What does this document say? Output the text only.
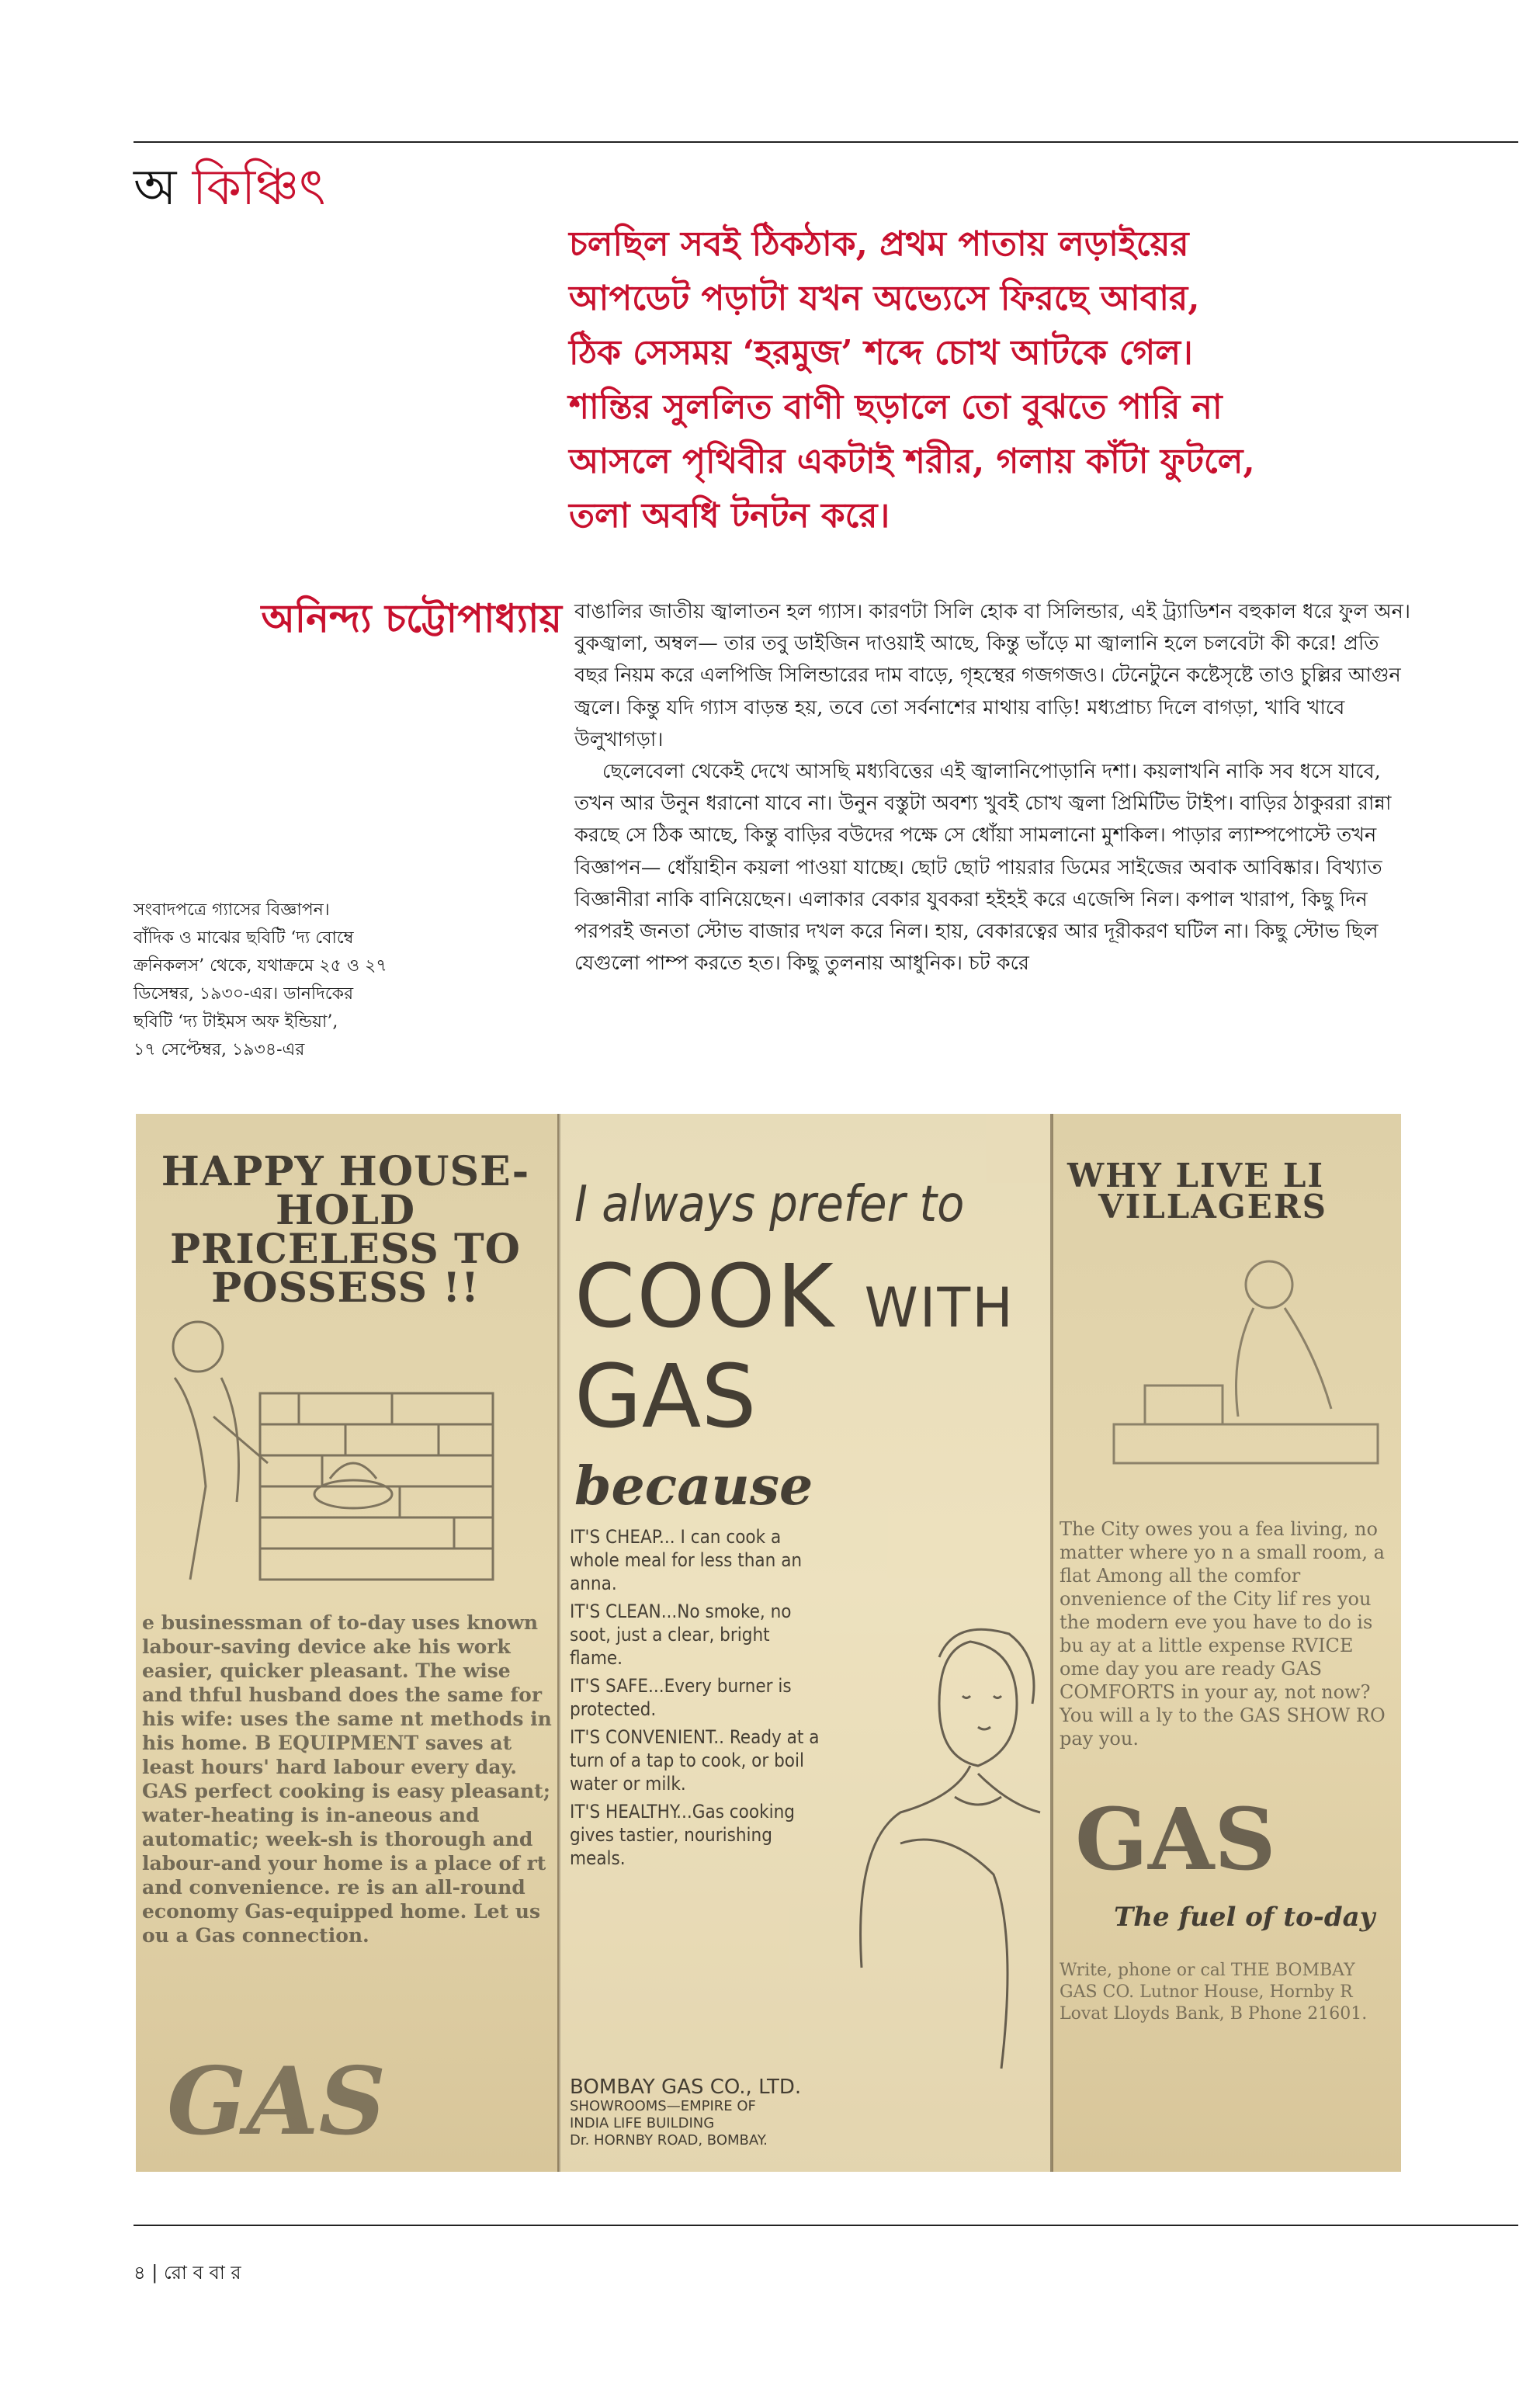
অ কিঞ্চিৎ

চলছিল সবই ঠিকঠাক, প্রথম পাতায় লড়াইয়ের

আপডেট পড়াটা যখন অভ্যেসে ফিরছে আবার,

ঠিক সেসময় ‘হরমুজ’ শব্দে চোখ আটকে গেল।

শান্তির সুললিত বাণী ছড়ালে তো বুঝতে পারি না

আসলে পৃথিবীর একটাই শরীর, গলায় কাঁটা ফুটলে,

তলা অবধি টনটন করে।

অনিন্দ্য চট্টোপাধ্যায় বাঙালির জাতীয় জ্বালাতন হল গ্যাস। কারণটা সিলি হোক বা সিলিন্ডার, এই ট্র্যাডিশন বহুকাল ধরে ফুল অন। বুকজ্বালা, অম্বল— তার তবু ডাইজিন দাওয়াই আছে, কিন্তু ভাঁড়ে মা জ্বালানি হলে চলবেটা কী করে! প্রতি বছর নিয়ম করে এলপিজি সিলিন্ডারের দাম বাড়ে, গৃহস্থের গজগজও। টেনেটুনে কষ্টেসৃষ্টে তাও চুল্লির আগুন জ্বলে। কিন্তু যদি গ্যাস বাড়ন্ত হয়, তবে তো সর্বনাশের মাথায় বাড়ি! মধ্যপ্রাচ্য দিলে বাগড়া, খাবি খাবে উলুখাগড়া।

ছেলেবেলা থেকেই দেখে আসছি মধ্যবিত্তের এই জ্বালানিপোড়ানি দশা। কয়লাখনি নাকি সব ধসে যাবে, তখন আর উনুন ধরানো যাবে না। উনুন বস্তুটা অবশ্য খুবই চোখ জ্বলা প্রিমিটিভ টাইপ। বাড়ির ঠাকুররা রান্না করছে সে ঠিক আছে, কিন্তু বাড়ির বউদের পক্ষে সে ধোঁয়া সামলানো মুশকিল। পাড়ার ল্যাম্পপোস্টে তখন বিজ্ঞাপন— ধোঁয়াহীন কয়লা পাওয়া যাচ্ছে। ছোট ছোট পায়রার ডিমের সাইজের অবাক আবিষ্কার। বিখ্যাত বিজ্ঞানীরা নাকি বানিয়েছেন। এলাকার বেকার যুবকরা হইহই করে এজেন্সি নিল। কপাল খারাপ, কিছু দিন পরপরই জনতা স্টোভ বাজার দখল করে নিল। হায়, বেকারত্বের আর দূরীকরণ ঘটিল না। কিছু স্টোভ ছিল যেগুলো পাম্প করতে হত। কিছু তুলনায় আধুনিক। চট করে

সংবাদপত্রে গ্যাসের বিজ্ঞাপন।

বাঁদিক ও মাঝের ছবিটি ‘দ্য বোম্বে

ক্রনিকলস’ থেকে, যথাক্রমে ২৫ ও ২৭

ডিসেম্বর, ১৯৩০-এর। ডানদিকের

ছবিটি ‘দ্য টাইমস অফ ইন্ডিয়া’,

১৭ সেপ্টেম্বর, ১৯৩৪-এর

HAPPY HOUSE-
HOLD
PRICELESS TO
POSSESS !!
e businessman of to-day uses known labour-saving device ake his work easier, quicker pleasant. The wise and thful husband does the same for his wife: uses the same nt methods in his home. B EQUIPMENT saves at least hours' hard labour every day. GAS perfect cooking is easy pleasant; water-heating is in-aneous and automatic; week-sh is thorough and labour-and your home is a place of rt and convenience. re is an all-round economy Gas-equipped home. Let us ou a Gas connection.
GAS
I always prefer to
COOK WITH
GAS
because

IT'S CHEAP... I can cook a whole meal for less than an anna.

IT'S CLEAN...No smoke, no soot, just a clear, bright flame.

IT'S SAFE...Every burner is protected.

IT'S CONVENIENT.. Ready at a turn of a tap to cook, or boil water or milk.

IT'S HEALTHY...Gas cooking gives tastier, nourishing meals.

BOMBAY GAS CO., LTD.
SHOWROOMS—EMPIRE OF
INDIA LIFE BUILDING
Dr. HORNBY ROAD, BOMBAY.
WHY LIVE LI
VILLAGERS
The City owes you a fea living, no matter where yo n a small room, a flat Among all the comfor onvenience of the City lif res you the modern eve you have to do is bu ay at a little expense RVICE ome day you are ready GAS COMFORTS in your ay, not now? You will a ly to the GAS SHOW RO pay you.
GAS
The fuel of to-day
Write, phone or cal THE BOMBAY GAS CO. Lutnor House, Hornby R Lovat Lloyds Bank, B Phone 21601.
৪ | রো ব বা র
